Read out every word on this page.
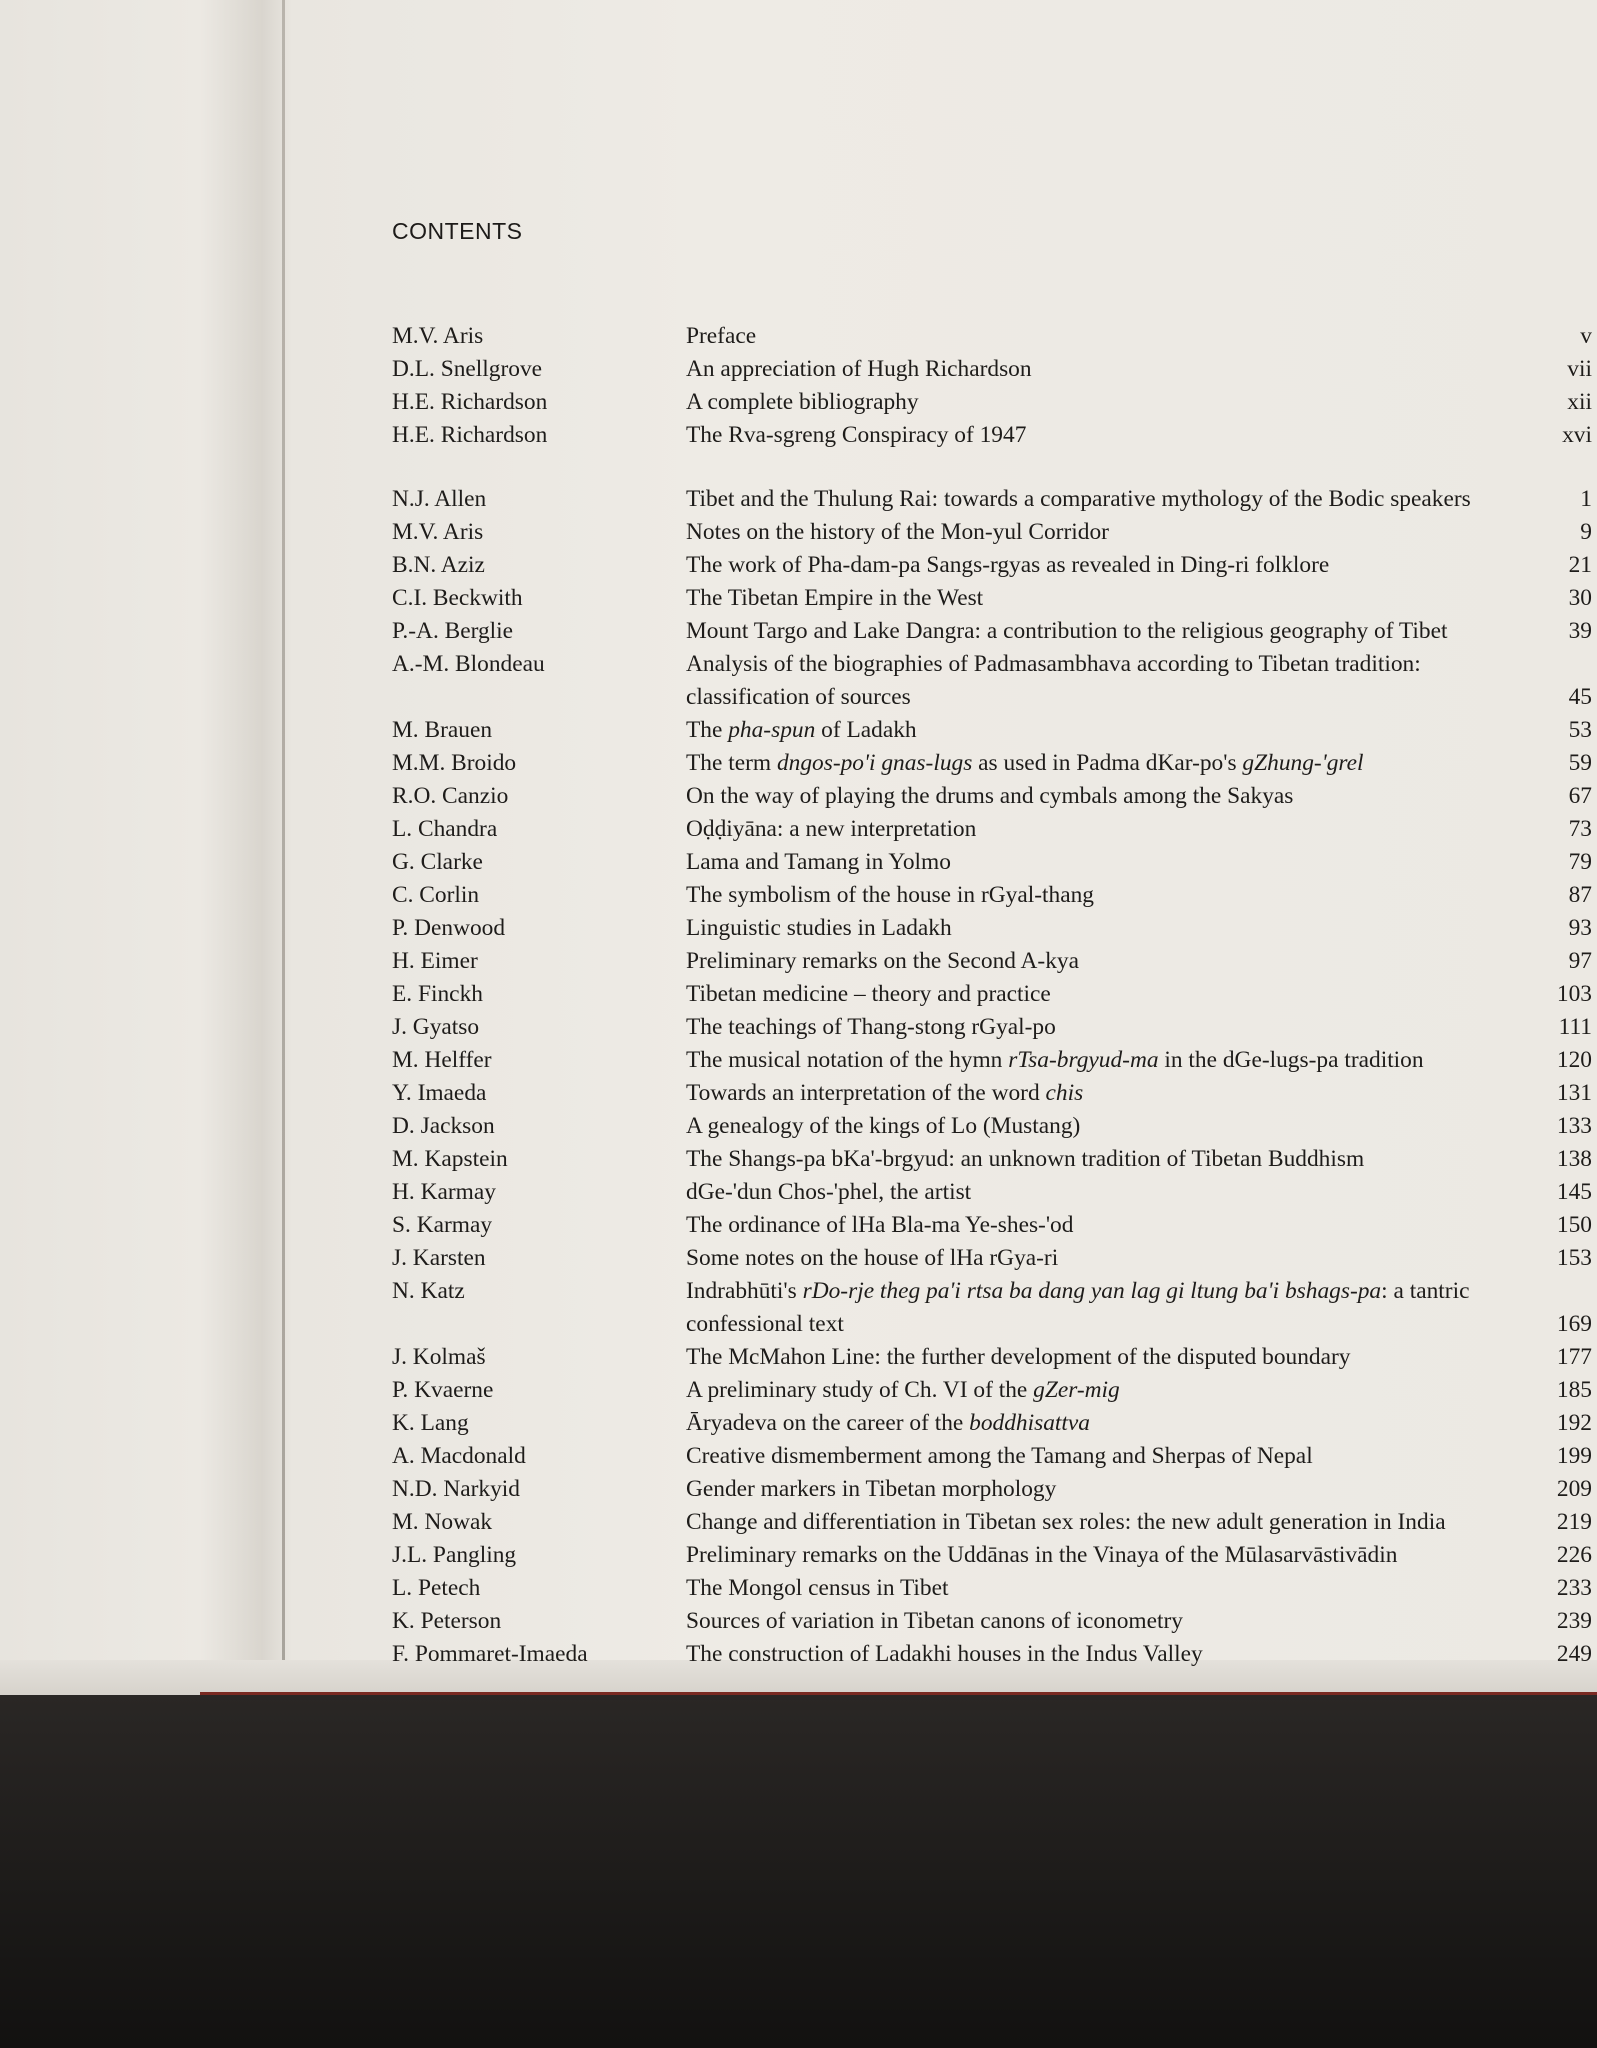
CONTENTS
M.V. Aris	Preface	v
D.L. Snellgrove	An appreciation of Hugh Richardson	vii
H.E. Richardson	A complete bibliography	xii
H.E. Richardson	The Rva-sgreng Conspiracy of 1947	xvi
N.J. Allen	Tibet and the Thulung Rai: towards a comparative mythology of the Bodic speakers	1
M.V. Aris	Notes on the history of the Mon-yul Corridor	9
B.N. Aziz	The work of Pha-dam-pa Sangs-rgyas as revealed in Ding-ri folklore	21
C.I. Beckwith	The Tibetan Empire in the West	30
P.-A. Berglie	Mount Targo and Lake Dangra: a contribution to the religious geography of Tibet	39
A.-M. Blondeau	Analysis of the biographies of Padmasambhava according to Tibetan tradition: classification of sources	45
M. Brauen	The pha-spun of Ladakh	53
M.M. Broido	The term dngos-po'i gnas-lugs as used in Padma dKar-po's gZhung-'grel	59
R.O. Canzio	On the way of playing the drums and cymbals among the Sakyas	67
L. Chandra	Oḍḍiyāna: a new interpretation	73
G. Clarke	Lama and Tamang in Yolmo	79
C. Corlin	The symbolism of the house in rGyal-thang	87
P. Denwood	Linguistic studies in Ladakh	93
H. Eimer	Preliminary remarks on the Second A-kya	97
E. Finckh	Tibetan medicine – theory and practice	103
J. Gyatso	The teachings of Thang-stong rGyal-po	111
M. Helffer	The musical notation of the hymn rTsa-brgyud-ma in the dGe-lugs-pa tradition	120
Y. Imaeda	Towards an interpretation of the word chis	131
D. Jackson	A genealogy of the kings of Lo (Mustang)	133
M. Kapstein	The Shangs-pa bKa'-brgyud: an unknown tradition of Tibetan Buddhism	138
H. Karmay	dGe-'dun Chos-'phel, the artist	145
S. Karmay	The ordinance of lHa Bla-ma Ye-shes-'od	150
J. Karsten	Some notes on the house of lHa rGya-ri	153
N. Katz	Indrabhūti's rDo-rje theg pa'i rtsa ba dang yan lag gi ltung ba'i bshags-pa: a tantric confessional text	169
J. Kolmaš	The McMahon Line: the further development of the disputed boundary	177
P. Kvaerne	A preliminary study of Ch. VI of the gZer-mig	185
K. Lang	Āryadeva on the career of the boddhisattva	192
A. Macdonald	Creative dismemberment among the Tamang and Sherpas of Nepal	199
N.D. Narkyid	Gender markers in Tibetan morphology	209
M. Nowak	Change and differentiation in Tibetan sex roles: the new adult generation in India	219
J.L. Pangling	Preliminary remarks on the Uddānas in the Vinaya of the Mūlasarvāstivādin	226
L. Petech	The Mongol census in Tibet	233
K. Peterson	Sources of variation in Tibetan canons of iconometry	239
F. Pommaret-Imaeda	The construction of Ladakhi houses in the Indus Valley	249
